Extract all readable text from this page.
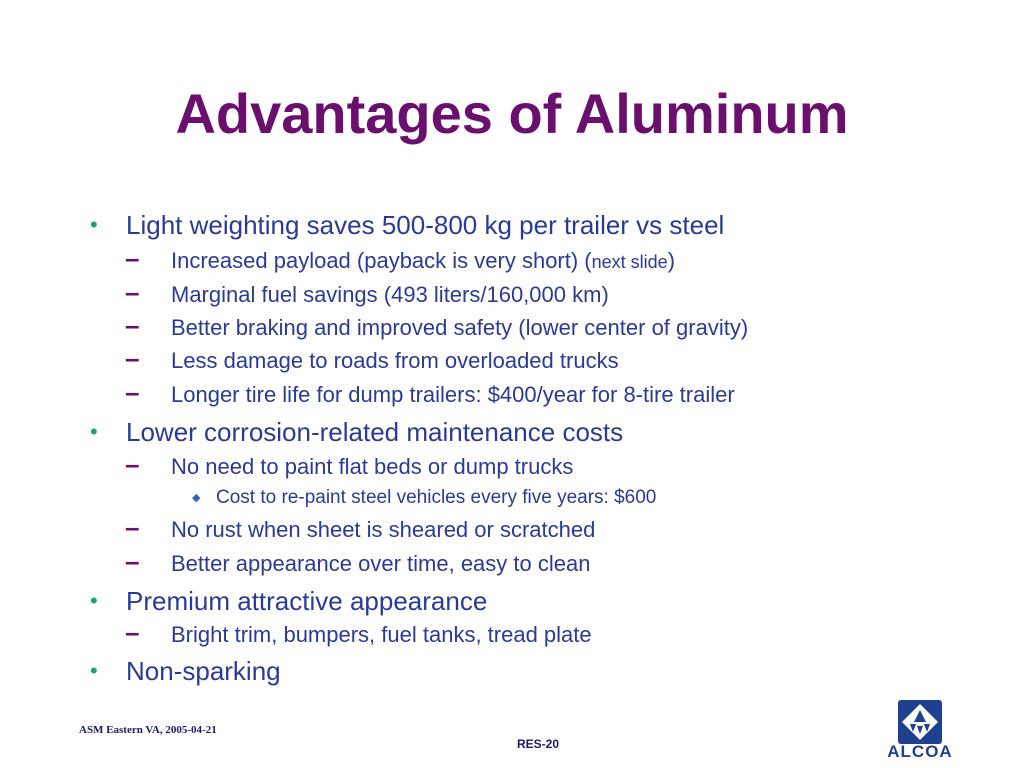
Advantages of Aluminum
• Light weighting saves 500-800 kg per trailer vs steel
– Increased payload (payback is very short) (next slide)
– Marginal fuel savings (493 liters/160,000 km)
– Better braking and improved safety (lower center of gravity)
– Less damage to roads from overloaded trucks
– Longer tire life for dump trailers: $400/year for 8-tire trailer
• Lower corrosion-related maintenance costs
– No need to paint flat beds or dump trucks
◆ Cost to re-paint steel vehicles every five years: $600
– No rust when sheet is sheared or scratched
– Better appearance over time, easy to clean
• Premium attractive appearance
– Bright trim, bumpers, fuel tanks, tread plate
• Non-sparking
ASM Eastern VA, 2005-04-21
RES-20	ALCOA
